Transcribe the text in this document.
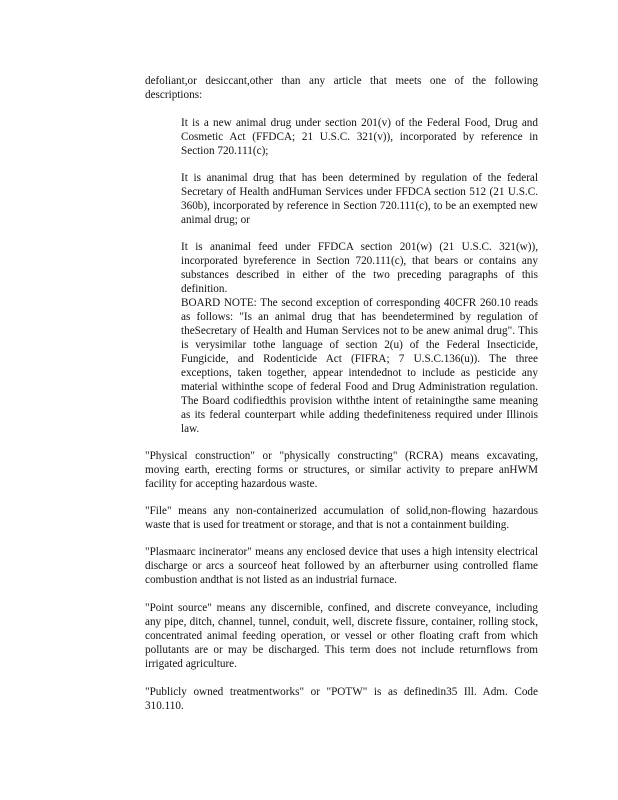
defoliant,or desiccant,other than any article that meets one of the following descriptions:

It is a new animal drug under section 201(v) of the Federal Food, Drug and Cosmetic Act (FFDCA; 21 U.S.C. 321(v)), incorporated by reference in Section 720.111(c);

It is ananimal drug that has been determined by regulation of the federal Secretary of Health andHuman Services under FFDCA section 512 (21 U.S.C. 360b), incorporated by reference in Section 720.111(c), to be an exempted new animal drug; or

It is ananimal feed under FFDCA section 201(w) (21 U.S.C. 321(w)), incorporated byreference in Section 720.111(c), that bears or contains any substances described in either of the two preceding paragraphs of this definition.

BOARD NOTE: The second exception of corresponding 40CFR 260.10 reads as follows: "Is an animal drug that has beendetermined by regulation of theSecretary of Health and Human Services not to be anew animal drug". This is verysimilar tothe language of section 2(u) of the Federal Insecticide, Fungicide, and Rodenticide Act (FIFRA; 7 U.S.C.136(u)). The three exceptions, taken together, appear intendednot to include as pesticide any material withinthe scope of federal Food and Drug Administration regulation. The Board codifiedthis provision withthe intent of retainingthe same meaning as its federal counterpart while adding thedefiniteness required under Illinois law.

"Physical construction" or "physically constructing" (RCRA) means excavating, moving earth, erecting forms or structures, or similar activity to prepare anHWM facility for accepting hazardous waste.

"File" means any non-containerized accumulation of solid,non-flowing hazardous waste that is used for treatment or storage, and that is not a containment building.

"Plasmaarc incinerator" means any enclosed device that uses a high intensity electrical discharge or arcs a sourceof heat followed by an afterburner using controlled flame combustion andthat is not listed as an industrial furnace.

"Point source" means any discernible, confined, and discrete conveyance, including any pipe, ditch, channel, tunnel, conduit, well, discrete fissure, container, rolling stock, concentrated animal feeding operation, or vessel or other floating craft from which pollutants are or may be discharged. This term does not include returnflows from irrigated agriculture.

"Publicly owned treatmentworks" or "POTW" is as definedin35 Ill. Adm. Code 310.110.
